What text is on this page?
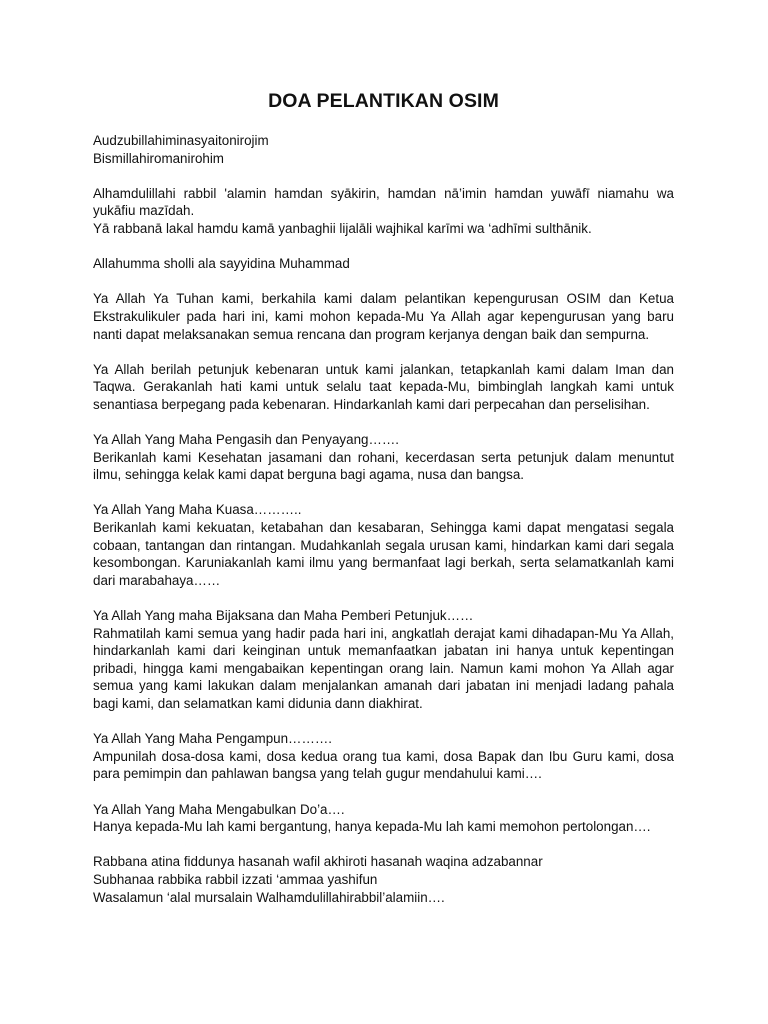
DOA PELANTIKAN OSIM
Audzubillahiminasyaitonirojim
Bismillahiromanirohim
Alhamdulillahi rabbil 'alamin hamdan syākirin, hamdan nā’imin hamdan yuwāfī niamahu wa yukāfiu mazīdah.
Yā rabbanā lakal hamdu kamā yanbaghii lijalāli wajhikal karīmi wa ‘adhīmi sulthānik.
Allahumma sholli ala sayyidina Muhammad
Ya Allah Ya Tuhan kami, berkahila kami dalam pelantikan kepengurusan OSIM dan Ketua Ekstrakulikuler pada hari ini, kami mohon kepada-Mu Ya Allah agar kepengurusan yang baru nanti dapat melaksanakan semua rencana dan program kerjanya dengan baik dan sempurna.
Ya Allah berilah petunjuk kebenaran untuk kami jalankan, tetapkanlah kami dalam Iman dan Taqwa. Gerakanlah hati kami untuk selalu taat kepada-Mu, bimbinglah langkah kami untuk senantiasa berpegang pada kebenaran. Hindarkanlah kami dari perpecahan dan perselisihan.
Ya Allah Yang Maha Pengasih dan Penyayang…….
Berikanlah kami Kesehatan jasamani dan rohani, kecerdasan serta petunjuk dalam menuntut ilmu, sehingga kelak kami dapat berguna bagi agama, nusa dan bangsa.
Ya Allah Yang Maha Kuasa………..
Berikanlah kami kekuatan, ketabahan dan kesabaran, Sehingga kami dapat mengatasi segala cobaan, tantangan dan rintangan. Mudahkanlah segala urusan kami, hindarkan kami dari segala kesombongan. Karuniakanlah kami ilmu yang bermanfaat lagi berkah, serta selamatkanlah kami dari marabahaya……
Ya Allah Yang maha Bijaksana dan Maha Pemberi Petunjuk……
Rahmatilah kami semua yang hadir pada hari ini, angkatlah derajat kami dihadapan-Mu Ya Allah, hindarkanlah kami dari keinginan untuk memanfaatkan jabatan ini hanya untuk kepentingan pribadi, hingga kami mengabaikan kepentingan orang lain. Namun kami mohon Ya Allah agar semua yang kami lakukan dalam menjalankan amanah dari jabatan ini menjadi ladang pahala bagi kami, dan selamatkan kami didunia dann diakhirat.
Ya Allah Yang Maha Pengampun……….
Ampunilah dosa-dosa kami, dosa kedua orang tua kami, dosa Bapak dan Ibu Guru kami, dosa para pemimpin dan pahlawan bangsa yang telah gugur mendahului kami….
Ya Allah Yang Maha Mengabulkan Do’a….
Hanya kepada-Mu lah kami bergantung, hanya kepada-Mu lah kami memohon pertolongan….
Rabbana atina fiddunya hasanah wafil akhiroti hasanah waqina adzabannar
Subhanaa rabbika rabbil izzati ‘ammaa yashifun
Wasalamun ‘alal mursalain Walhamdulillahirabbil’alamiin….
